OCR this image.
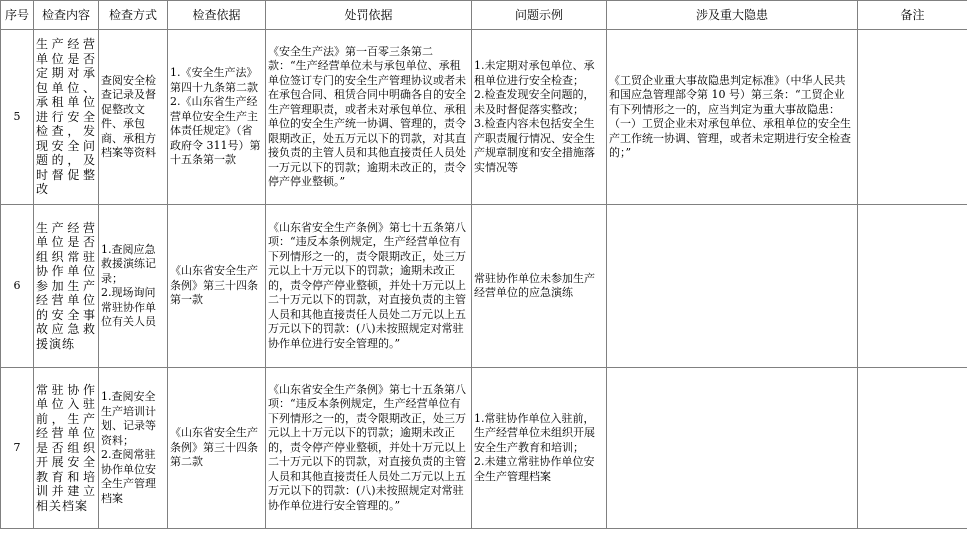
序号	检查内容	检查方式	检查依据	处罚依据	问题示例	涉及重大隐患	备注
5	生产经营单位是否定期对承包单位、承租单位进行安全检查，发现安全问题的，及时督促整改	查阅安全检查记录及督促整改文件、承包商、承租方档案等资料	1.《安全生产法》第四十九条第二款
2.《山东省生产经营单位安全生产主体责任规定》（省政府令 311号）第十五条第一款	《安全生产法》第一百零三条第二款：“生产经营单位未与承包单位、承租单位签订专门的安全生产管理协议或者未在承包合同、租赁合同中明确各自的安全生产管理职责，或者未对承包单位、承租单位的安全生产统一协调、管理的，责令限期改正，处五万元以下的罚款，对其直接负责的主管人员和其他直接责任人员处一万元以下的罚款；逾期未改正的，责令停产停业整顿。”	1.未定期对承包单位、承租单位进行安全检查；
2.检查发现安全问题的，未及时督促落实整改；
3.检查内容未包括安全生产职责履行情况、安全生产规章制度和安全措施落实情况等	《工贸企业重大事故隐患判定标准》（中华人民共和国应急管理部令第 10 号）第三条：“工贸企业有下列情形之一的，应当判定为重大事故隐患：
（一）工贸企业未对承包单位、承租单位的安全生产工作统一协调、管理，或者未定期进行安全检查的；”	
6	生产经营单位是否组织常驻协作单位参加生产经营单位的安全事故应急救援演练	1.查阅应急救援演练记录；
2.现场询问常驻协作单位有关人员	《山东省安全生产条例》第三十四条第一款	《山东省安全生产条例》第七十五条第八项：“违反本条例规定，生产经营单位有下列情形之一的，责令限期改正，处三万元以上十万元以下的罚款；逾期未改正的，责令停产停业整顿，并处十万元以上二十万元以下的罚款，对直接负责的主管人员和其他直接责任人员处二万元以上五万元以下的罚款：(八)未按照规定对常驻协作单位进行安全管理的。”	常驻协作单位未参加生产经营单位的应急演练		
7	常驻协作单位入驻前，生产经营单位是否组织开展安全教育和培训并建立相关档案	1.查阅安全生产培训计划、记录等资料；
2.查阅常驻协作单位安全生产管理档案	《山东省安全生产条例》第三十四条第二款	《山东省安全生产条例》第七十五条第八项：“违反本条例规定，生产经营单位有下列情形之一的，责令限期改正，处三万元以上十万元以下的罚款；逾期未改正的，责令停产停业整顿，并处十万元以上二十万元以下的罚款，对直接负责的主管人员和其他直接责任人员处二万元以上五万元以下的罚款：(八)未按照规定对常驻协作单位进行安全管理的。”	1.常驻协作单位入驻前，生产经营单位未组织开展安全生产教育和培训；
2.未建立常驻协作单位安全生产管理档案		
